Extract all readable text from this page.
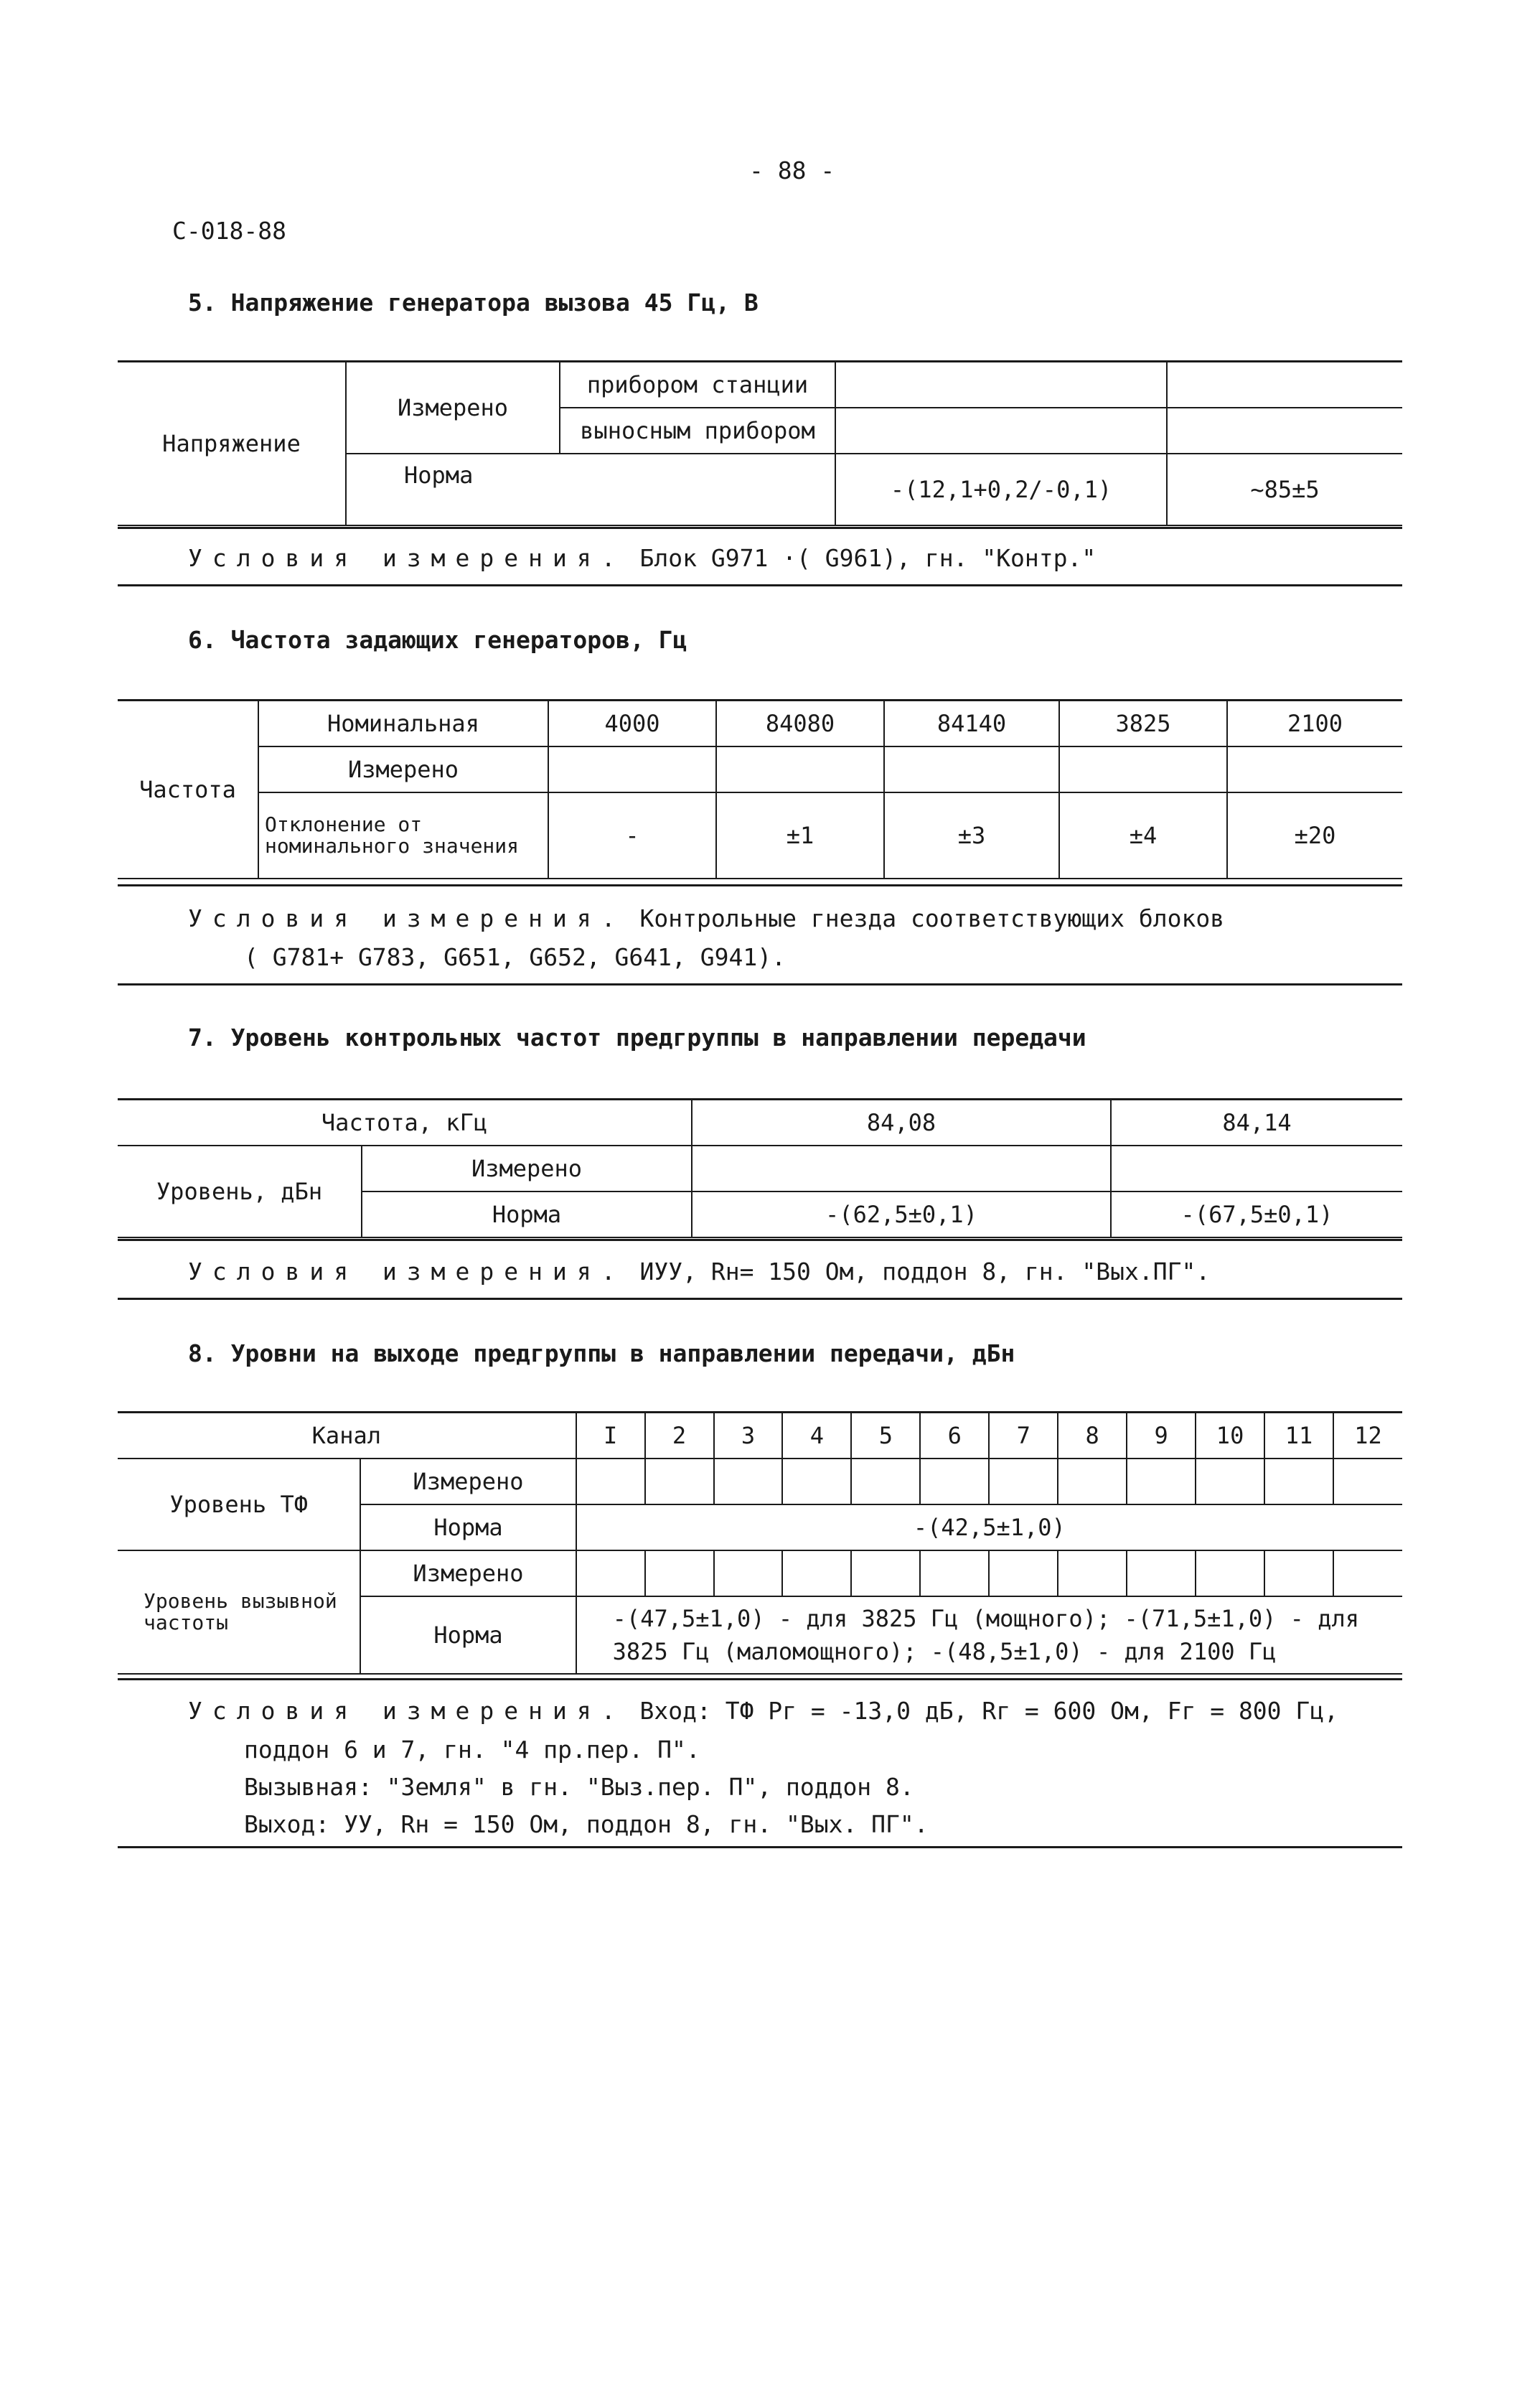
- 88 -
С-018-88
5. Напряжение генератора вызова 45 Гц, В
Напряжение	Измерено	прибором станции		
		выносным прибором		
	Норма		-(12,1+0,2/-0,1)	~85±5
Условия измерения. Блок G971 ·( G961), гн. "Контр."
6. Частота задающих генераторов, Гц
Частота	Номинальная	4000	84080	84140	3825	2100
	Измерено					
	Отклонение от номинального значения	-	±1	±3	±4	±20
Условия измерения. Контрольные гнезда соответствующих блоков
( G781+ G783, G651, G652, G641, G941).
7. Уровень контрольных частот предгруппы в направлении передачи
Частота, кГц		84,08	84,14
Уровень, дБн	Измерено		
	Норма	-(62,5±0,1)	-(67,5±0,1)
Условия измерения. ИУУ, Rн= 150 Ом, поддон 8, гн. "Вых.ПГ".
8. Уровни на выходе предгруппы в направлении передачи, дБн
Канал		I	2	3	4	5	6	7	8	9	10	11	12
Уровень ТФ	Измерено												
	Норма	-(42,5±1,0)											
Уровень вызывной частоты	Измерено												
	Норма	-(47,5±1,0) - для 3825 Гц (мощного); -(71,5±1,0) - для
3825 Гц (маломощного); -(48,5±1,0) - для 2100 Гц											
Условия измерения. Вход: ТФ Рг = -13,0 дБ, Rг = 600 Ом, Fг = 800 Гц,
поддон 6 и 7, гн. "4 пр.пер. П".
Вызывная: "Земля" в гн. "Выз.пер. П", поддон 8.
Выход: УУ, Rн = 150 Ом, поддон 8, гн. "Вых. ПГ".
